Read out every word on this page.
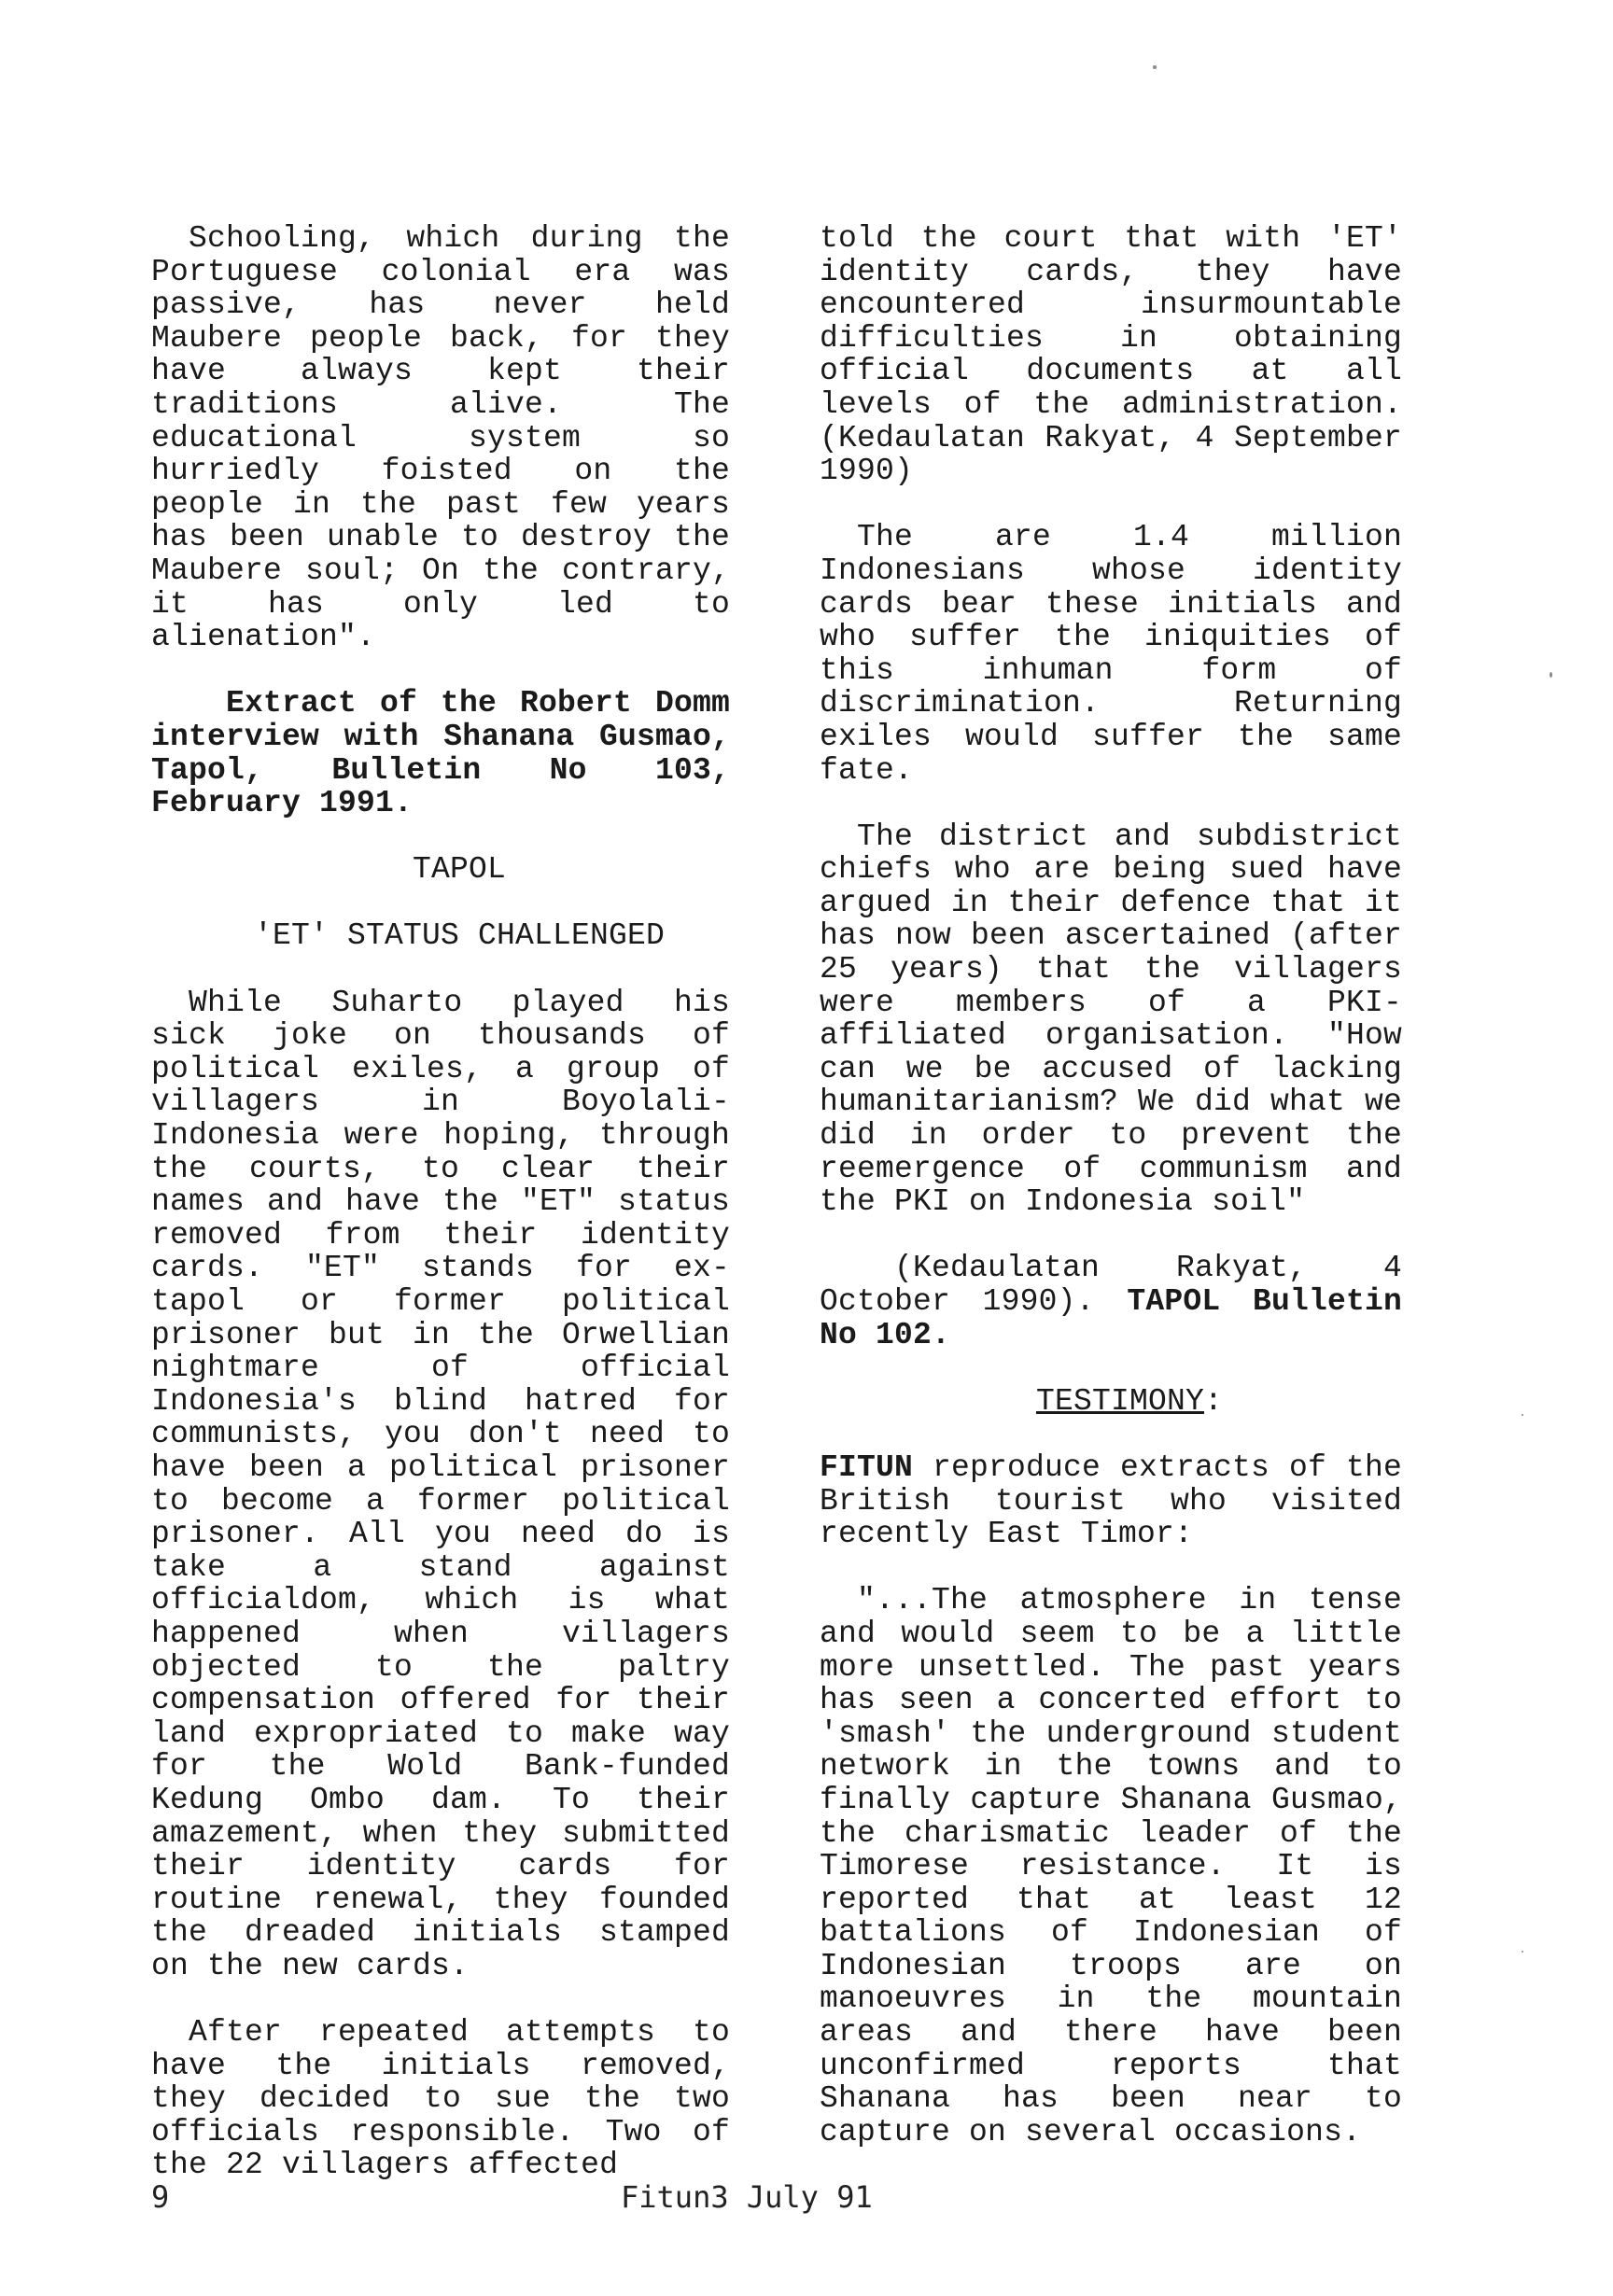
Schooling, which during the Portuguese colonial era was passive, has never held Maubere people back, for they have always kept their traditions alive. The educational system so hurriedly foisted on the people in the past few years has been unable to destroy the Maubere soul; On the contrary, it has only led to alienation".

Extract of the Robert Domm interview with Shanana Gusmao, Tapol, Bulletin No 103, February 1991.

TAPOL

'ET' STATUS CHALLENGED

While Suharto played his sick joke on thousands of political exiles, a group of villagers in Boyolali-Indonesia were hoping, through the courts, to clear their names and have the "ET" status removed from their identity cards. "ET" stands for ex-tapol or former political prisoner but in the Orwellian nightmare of official Indonesia's blind hatred for communists, you don't need to have been a political prisoner to become a former political prisoner. All you need do is take a stand against officialdom, which is what happened when villagers objected to the paltry compensation offered for their land expropriated to make way for the Wold Bank-funded Kedung Ombo dam. To their amazement, when they submitted their identity cards for routine renewal, they founded the dreaded initials stamped on the new cards.

After repeated attempts to have the initials removed, they decided to sue the two officials responsible. Two of the 22 villagers affected

told the court that with 'ET' identity cards, they have encountered insurmountable difficulties in obtaining official documents at all levels of the administration. (Kedaulatan Rakyat, 4 September 1990)

The are 1.4 million Indonesians whose identity cards bear these initials and who suffer the iniquities of this inhuman form of discrimination. Returning exiles would suffer the same fate.

The district and subdistrict chiefs who are being sued have argued in their defence that it has now been ascertained (after 25 years) that the villagers were members of a PKI-affiliated organisation. "How can we be accused of lacking humanitarianism? We did what we did in order to prevent the reemergence of communism and the PKI on Indonesia soil"

(Kedaulatan Rakyat, 4 October 1990). TAPOL Bulletin No 102.

TESTIMONY:

FITUN reproduce extracts of the British tourist who visited recently East Timor:

"...The atmosphere in tense and would seem to be a little more unsettled. The past years has seen a concerted effort to 'smash' the underground student network in the towns and to finally capture Shanana Gusmao, the charismatic leader of the Timorese resistance. It is reported that at least 12 battalions of Indonesian of Indonesian troops are on manoeuvres in the mountain areas and there have been unconfirmed reports that Shanana has been near to capture on several occasions.

9	Fitun3 July 91
